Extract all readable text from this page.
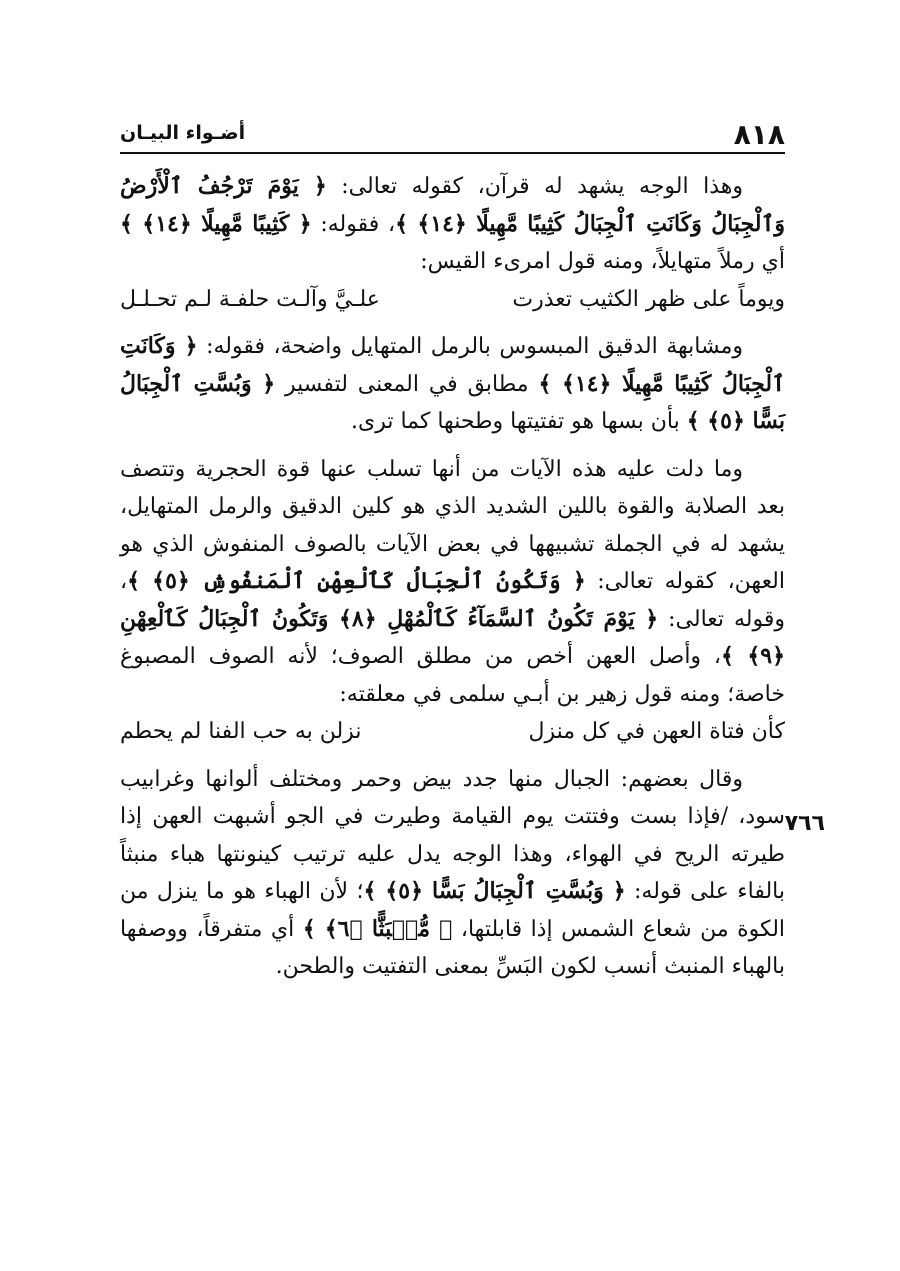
٨١٨
أضـواء البيـان

وهذا الوجه يشهد له قرآن، كقوله تعالى: ﴿ يَوْمَ تَرْجُفُ ٱلْأَرْضُ وَٱلْجِبَالُ وَكَانَتِ ٱلْجِبَالُ كَثِيبًا مَّهِيلًا ﴿١٤﴾ ﴾، فقوله: ﴿ كَثِيبًا مَّهِيلًا ﴿١٤﴾ ﴾ أي رملاً متهايلاً، ومنه قول امرىء القيس:

ويوماً على ظهر الكثيب تعذرت
علـيَّ وآلـت حلفـة لـم تحـلـل

ومشابهة الدقيق المبسوس بالرمل المتهايل واضحة، فقوله: ﴿ وَكَانَتِ ٱلْجِبَالُ كَثِيبًا مَّهِيلًا ﴿١٤﴾ ﴾ مطابق في المعنى لتفسير ﴿ وَبُسَّتِ ٱلْجِبَالُ بَسًّا ﴿٥﴾ ﴾ بأن بسها هو تفتيتها وطحنها كما ترى.

وما دلت عليه هذه الآيات من أنها تسلب عنها قوة الحجرية وتتصف بعد الصلابة والقوة باللين الشديد الذي هو كلين الدقيق والرمل المتهايل، يشهد له في الجملة تشبيهها في بعض الآيات بالصوف المنفوش الذي هو العهن، كقوله تعالى: ﴿ وَتَكُونُ ٱلْجِبَالُ كَٱلْعِهْنِ ٱلْمَنفُوشِ ﴿٥﴾ ﴾، وقوله تعالى: ﴿ يَوْمَ تَكُونُ ٱلسَّمَآءُ كَٱلْمُهْلِ ﴿٨﴾ وَتَكُونُ ٱلْجِبَالُ كَٱلْعِهْنِ ﴿٩﴾ ﴾، وأصل العهن أخص من مطلق الصوف؛ لأنه الصوف المصبوغ خاصة؛ ومنه قول زهير بن أبـي سلمى في معلقته:

كأن فتاة العهن في كل منزل
نزلن به حب الفنا لم يحطم

٧٦٦
وقال بعضهم: الجبال منها جدد بيض وحمر ومختلف ألوانها وغرابيب سود، /فإذا بست وفتتت يوم القيامة وطيرت في الجو أشبهت العهن إذا طيرته الريح في الهواء، وهذا الوجه يدل عليه ترتيب كينونتها هباء منبثاً بالفاء على قوله: ﴿ وَبُسَّتِ ٱلْجِبَالُ بَسًّا ﴿٥﴾ ﴾؛ لأن الهباء هو ما ينزل من الكوة من شعاع الشمس إذا قابلتها، ﴿ مُّنۢبَثًّا ﴿٦﴾ ﴾ أي متفرقاً، ووصفها بالهباء المنبث أنسب لكون البَسِّ بمعنى التفتيت والطحن.
